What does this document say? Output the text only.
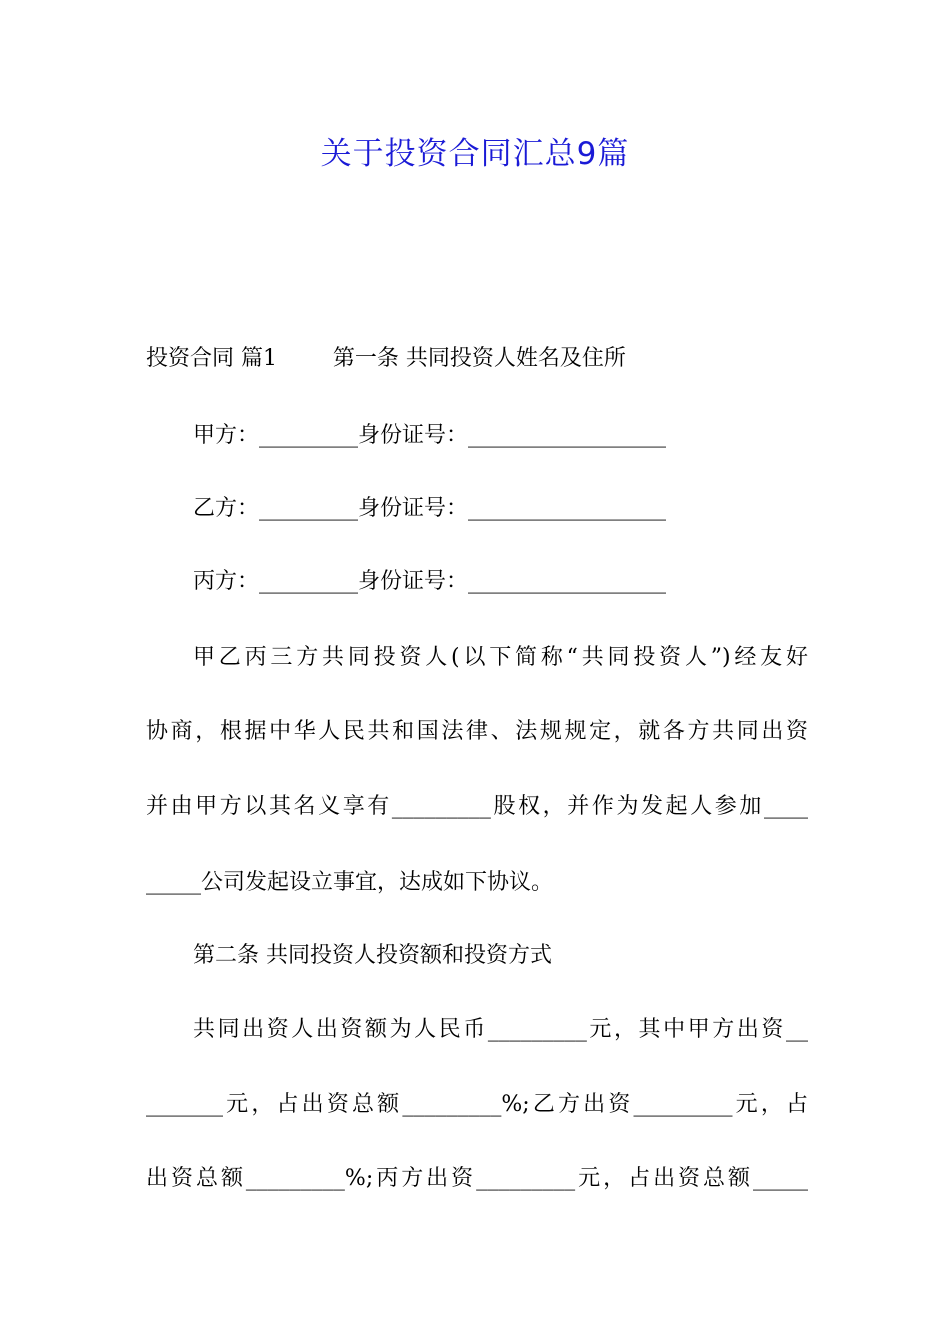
关于投资合同汇总9篇

投资合同 篇1        第一条 共同投资人姓名及住所

甲方：_________身份证号：__________________

乙方：_________身份证号：__________________

丙方：_________身份证号：__________________

甲乙丙三方共同投资人(以下简称“共同投资人”)经友好

协商，根据中华人民共和国法律、法规规定，就各方共同出资

并由甲方以其名义享有_________股权，并作为发起人参加____

_____公司发起设立事宜，达成如下协议。

第二条 共同投资人投资额和投资方式

共同出资人出资额为人民币_________元，其中甲方出资__

_______元，占出资总额_________%;乙方出资_________元，占

出资总额_________%;丙方出资_________元，占出资总额_____
